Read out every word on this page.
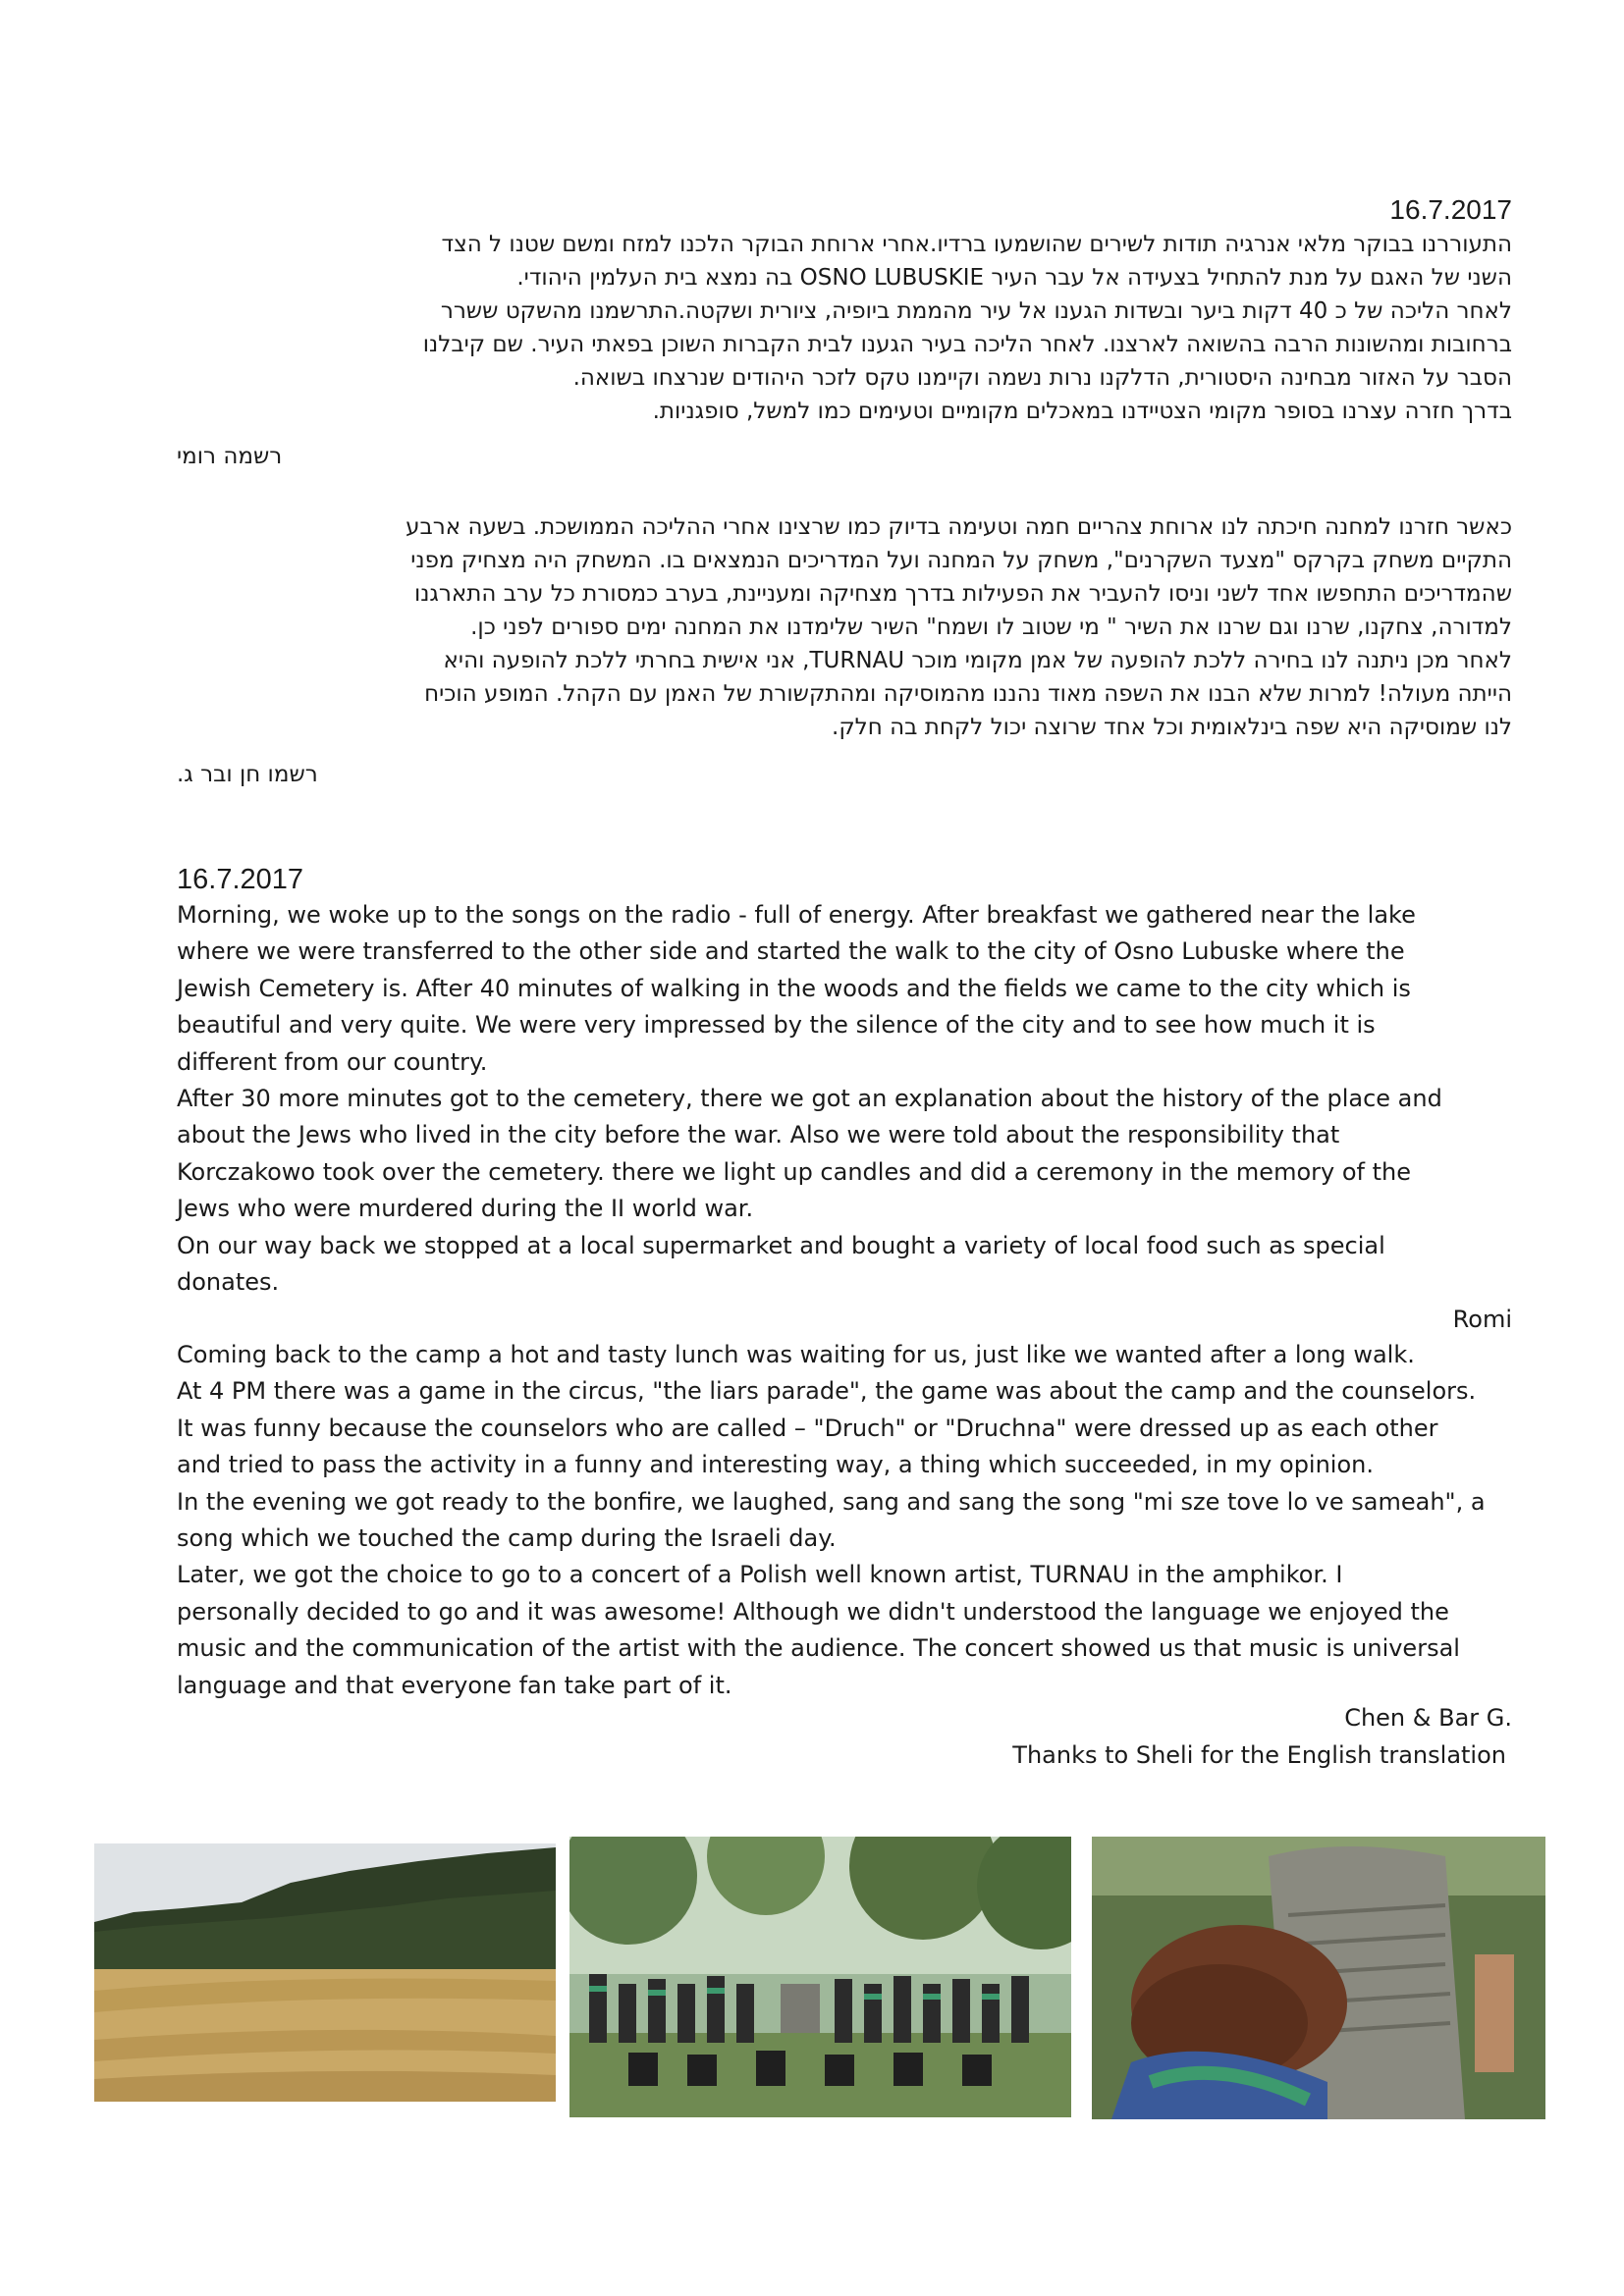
16.7.2017

התעוררנו בבוקר מלאי אנרגיה תודות לשירים שהושמעו ברדיו.אחרי ארוחת הבוקר הלכנו למזח ומשם שטנו ל הצד

השני של האגם על מנת להתחיל בצעידה אל עבר העיר OSNO LUBUSKIE בה נמצא בית העלמין היהודי.

לאחר הליכה של כ 40 דקות ביער ובשדות הגענו אל עיר מהממת ביופיה, ציורית ושקטה.התרשמנו מהשקט ששרר

ברחובות ומהשונות הרבה בהשואה לארצנו. לאחר הליכה בעיר הגענו לבית הקברות השוכן בפאתי העיר. שם קיבלנו

הסבר על האזור מבחינה היסטורית, הדלקנו נרות נשמה וקיימנו טקס לזכר היהודים שנרצחו בשואה.

בדרך חזרה עצרנו בסופר מקומי הצטיידנו במאכלים מקומיים וטעימים כמו למשל, סופגניות.

רשמה רומי

כאשר חזרנו למחנה חיכתה לנו ארוחת צהריים חמה וטעימה בדיוק כמו שרצינו אחרי ההליכה הממושכת. בשעה ארבע

התקיים משחק בקרקס "מצעד השקרנים", משחק על המחנה ועל המדריכים הנמצאים בו. המשחק היה מצחיק מפני

שהמדריכים התחפשו אחד לשני וניסו להעביר את הפעילות בדרך מצחיקה ומעניינת, בערב כמסורת כל ערב התארגנו

למדורה, צחקנו, שרנו וגם שרנו את השיר " מי שטוב לו ושמח" השיר שלימדנו את המחנה ימים ספורים לפני כן.

לאחר מכן ניתנה לנו בחירה ללכת להופעה של אמן מקומי מוכר TURNAU, אני אישית בחרתי ללכת להופעה והיא

הייתה מעולה! למרות שלא הבנו את השפה מאוד נהננו מהמוסיקה ומהתקשורת של האמן עם הקהל. המופע הוכיח

לנו שמוסיקה היא שפה בינלאומית וכל אחד שרוצה יכול לקחת בה חלק.

רשמו חן ובר ג.
16.7.2017

Morning, we woke up to the songs on the radio - full of energy. After breakfast we gathered near the lake

where we were transferred to the other side and started the walk to the city of Osno Lubuske where the

Jewish Cemetery is. After 40 minutes of walking in the woods and the fields we came to the city which is

beautiful and very quite. We were very impressed by the silence of the city and to see how much it is

different from our country.

After 30 more minutes got to the cemetery, there we got an explanation about the history of the place and

about the Jews who lived in the city before the war. Also we were told about the responsibility that

Korczakowo took over the cemetery. there we light up candles and did a ceremony in the memory of the

Jews who were murdered during the II world war.

On our way back we stopped at a local supermarket and bought a variety of local food such as special

donates.

Romi

Coming back to the camp a hot and tasty lunch was waiting for us, just like we wanted after a long walk.

At 4 PM there was a game in the circus, "the liars parade", the game was about the camp and the counselors.

It was funny because the counselors who are called – "Druch" or "Druchna" were dressed up as each other

and tried to pass the activity in a funny and interesting way, a thing which succeeded, in my opinion.

In the evening we got ready to the bonfire, we laughed, sang and sang the song "mi sze tove lo ve sameah", a

song which we touched the camp during the Israeli day.

Later, we got the choice to go to a concert of a Polish well known artist, TURNAU in the amphikor. I

personally decided to go and it was awesome! Although we didn't understood the language we enjoyed the

music and the communication of the artist with the audience. The concert showed us that music is universal

language and that everyone fan take part of it.

Chen & Bar G.
Thanks to Sheli for the English translation
